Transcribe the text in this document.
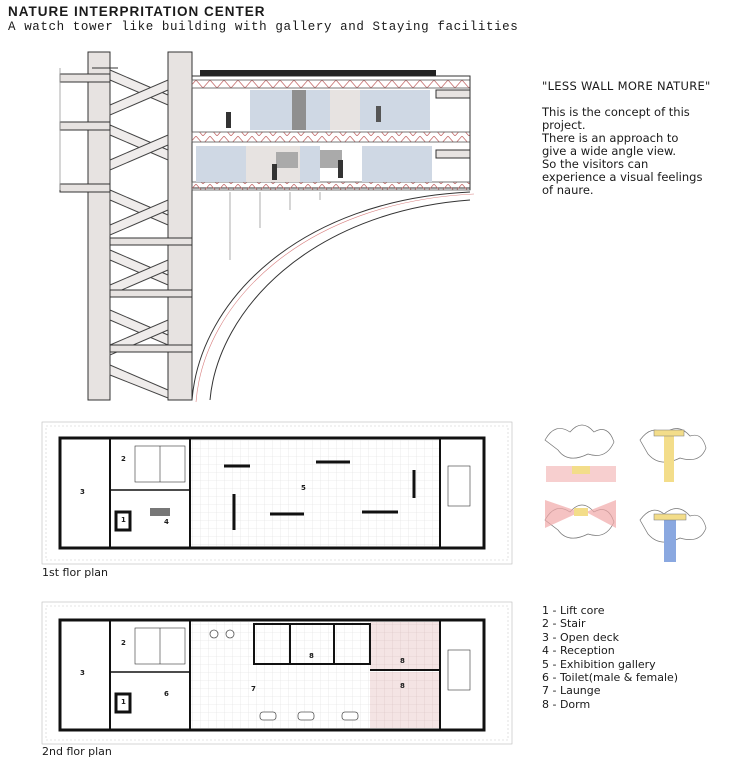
NATURE INTERPRITATION CENTER
A watch tower like building with gallery and Staying facilities
"LESS WALL MORE NATURE"
This is the concept of this
project.
There is an approach to
give a wide angle view.
So the visitors can
experience a visual feelings
of naure.
2
3
1	4
5
2
3
1
6
7
8
8
8
1st flor plan
2nd flor plan
1 - Lift core
2 - Stair
3 - Open deck
4 - Reception
5 - Exhibition gallery
6 - Toilet(male & female)
7 - Launge
8 - Dorm
